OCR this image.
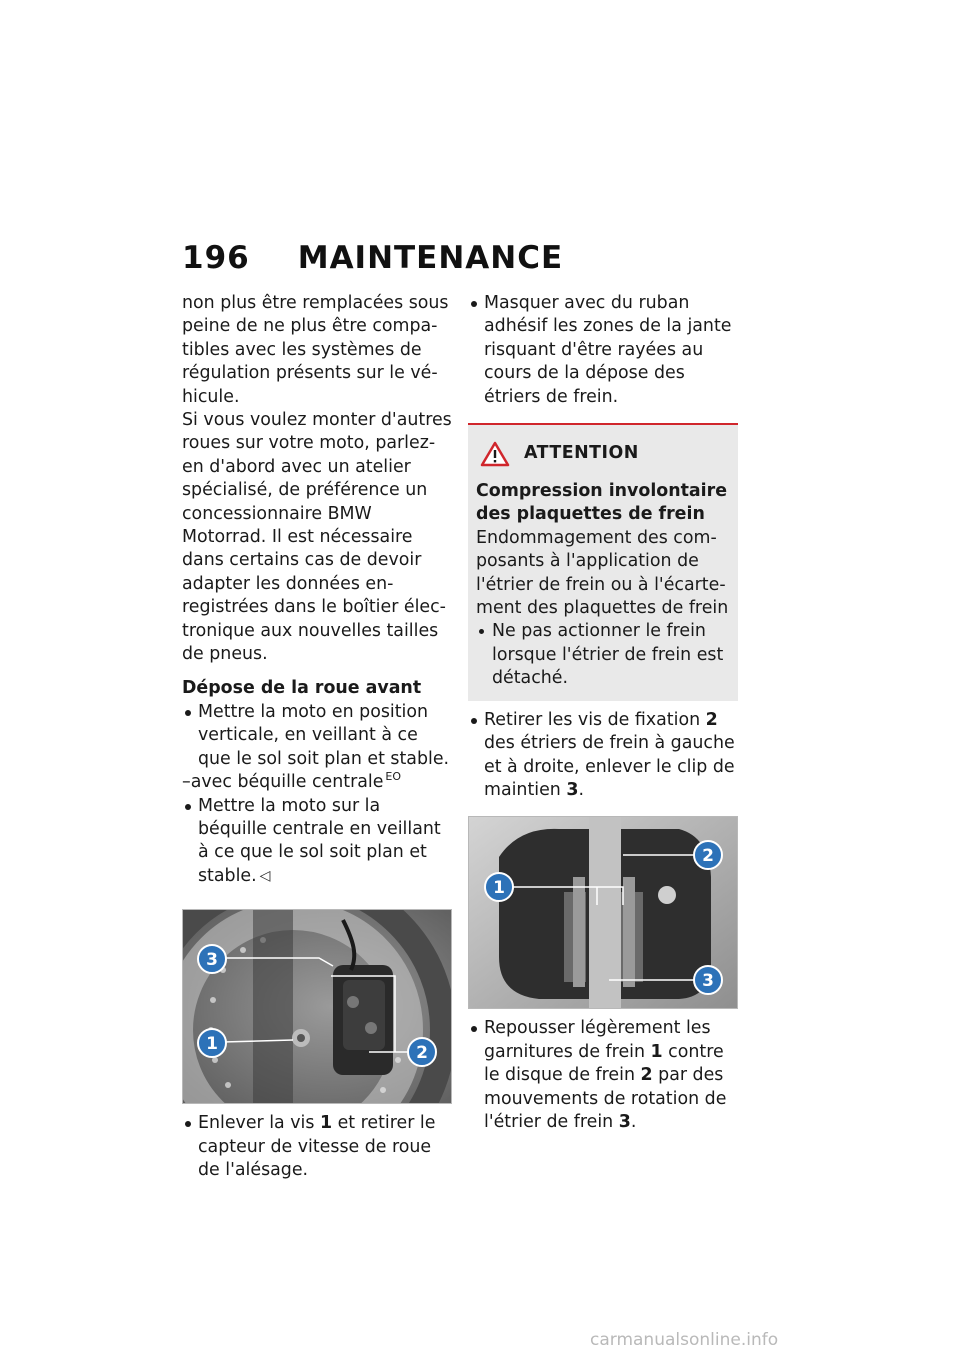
196 MAINTENANCE

non plus être remplacées sous peine de ne plus être compatibles avec les systèmes de régulation présents sur le véhicule.

Si vous voulez monter d'autres roues sur votre moto, parlez-en d'abord avec un atelier spécialisé, de préférence un concessionnaire BMW Motorrad. Il est nécessaire dans certains cas de devoir adapter les données enregistrées dans le boîtier électronique aux nouvelles tailles de pneus.

Dépose de la roue avant

Mettre la moto en position verticale, en veillant à ce que le sol soit plan et stable.

–avec béquille centrale $^{EO}$

Mettre la moto sur la béquille centrale en veillant à ce que le sol soit plan et stable. ◁

3
1	2

Enlever la vis 1 et retirer le capteur de vitesse de roue de l'alésage.

Masquer avec du ruban adhésif les zones de la jante risquant d'être rayées au cours de la dépose des étriers de frein.

ATTENTION

Compression involontaire des plaquettes de frein

Endommagement des composants à l'application de l'étrier de frein ou à l'écartement des plaquettes de frein

Ne pas actionner le frein lorsque l'étrier de frein est détaché.

Retirer les vis de fixation 2 des étriers de frein à gauche et à droite, enlever le clip de maintien 3.

1
2
3

Repousser légèrement les garnitures de frein 1 contre le disque de frein 2 par des mouvements de rotation de l'étrier de frein 3.

carmanualsonline.info
